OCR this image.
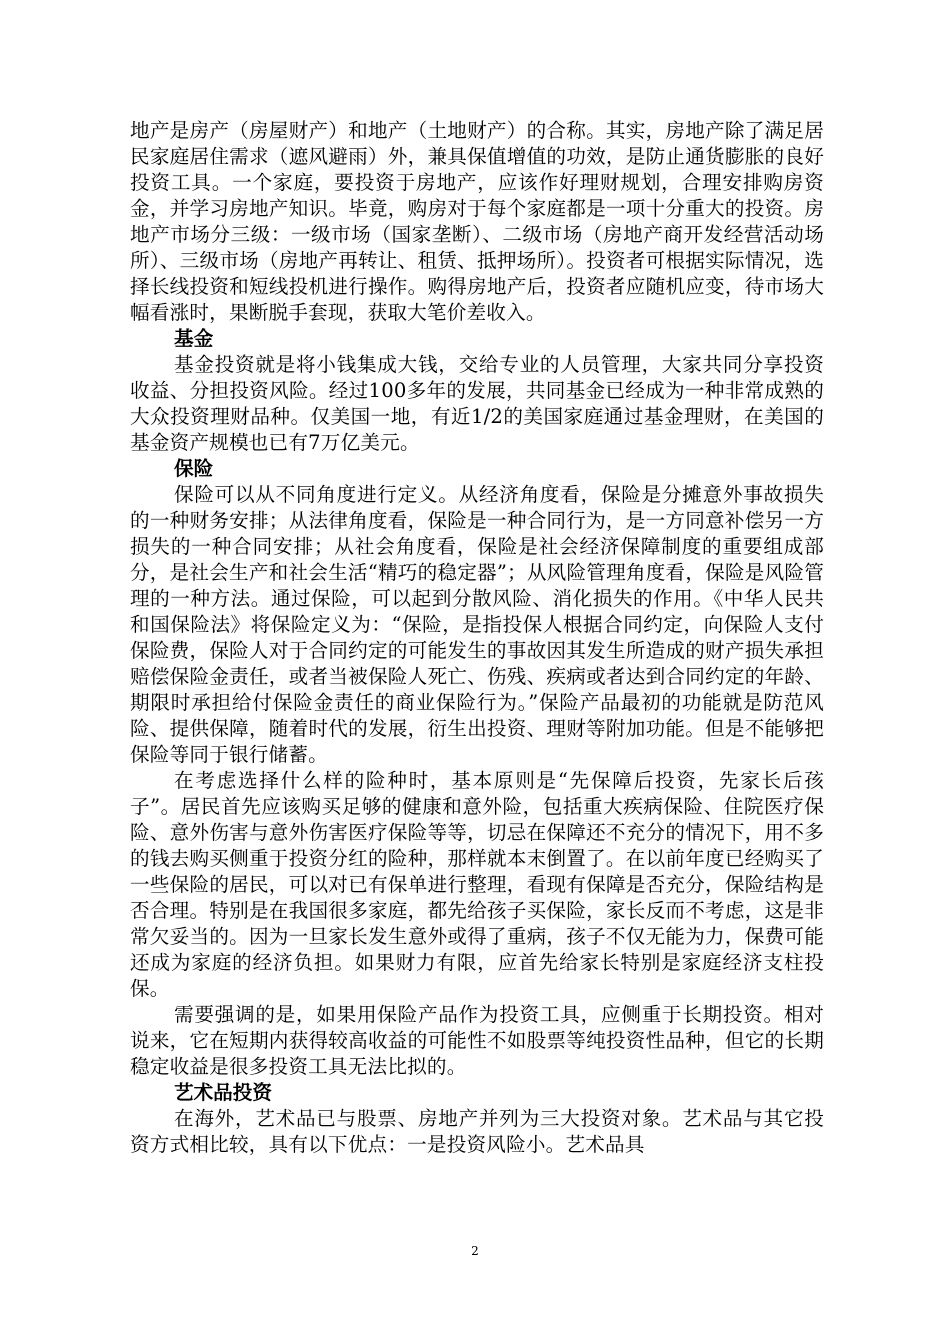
地产是房产（房屋财产）和地产（土地财产）的合称。其实，房地产除了满足居民家庭居住需求（遮风避雨）外，兼具保值增值的功效，是防止通货膨胀的良好投资工具。一个家庭，要投资于房地产，应该作好理财规划，合理安排购房资金，并学习房地产知识。毕竟，购房对于每个家庭都是一项十分重大的投资。房地产市场分三级：一级市场（国家垄断）、二级市场（房地产商开发经营活动场所）、三级市场（房地产再转让、租赁、抵押场所）。投资者可根据实际情况，选择长线投资和短线投机进行操作。购得房地产后，投资者应随机应变，待市场大幅看涨时，果断脱手套现，获取大笔价差收入。

基金

基金投资就是将小钱集成大钱，交给专业的人员管理，大家共同分享投资收益、分担投资风险。经过100多年的发展，共同基金已经成为一种非常成熟的大众投资理财品种。仅美国一地，有近1/2的美国家庭通过基金理财，在美国的基金资产规模也已有7万亿美元。

保险

保险可以从不同角度进行定义。从经济角度看，保险是分摊意外事故损失的一种财务安排；从法律角度看，保险是一种合同行为，是一方同意补偿另一方损失的一种合同安排；从社会角度看，保险是社会经济保障制度的重要组成部分，是社会生产和社会生活“精巧的稳定器”；从风险管理角度看，保险是风险管理的一种方法。通过保险，可以起到分散风险、消化损失的作用。《中华人民共和国保险法》将保险定义为：“保险，是指投保人根据合同约定，向保险人支付保险费，保险人对于合同约定的可能发生的事故因其发生所造成的财产损失承担赔偿保险金责任，或者当被保险人死亡、伤残、疾病或者达到合同约定的年龄、期限时承担给付保险金责任的商业保险行为。”保险产品最初的功能就是防范风险、提供保障，随着时代的发展，衍生出投资、理财等附加功能。但是不能够把保险等同于银行储蓄。

在考虑选择什么样的险种时，基本原则是“先保障后投资，先家长后孩子”。居民首先应该购买足够的健康和意外险，包括重大疾病保险、住院医疗保险、意外伤害与意外伤害医疗保险等等，切忌在保障还不充分的情况下，用不多的钱去购买侧重于投资分红的险种，那样就本末倒置了。在以前年度已经购买了一些保险的居民，可以对已有保单进行整理，看现有保障是否充分，保险结构是否合理。特别是在我国很多家庭，都先给孩子买保险，家长反而不考虑，这是非常欠妥当的。因为一旦家长发生意外或得了重病，孩子不仅无能为力，保费可能还成为家庭的经济负担。如果财力有限，应首先给家长特别是家庭经济支柱投保。

需要强调的是，如果用保险产品作为投资工具，应侧重于长期投资。相对说来，它在短期内获得较高收益的可能性不如股票等纯投资性品种，但它的长期稳定收益是很多投资工具无法比拟的。

艺术品投资

在海外，艺术品已与股票、房地产并列为三大投资对象。艺术品与其它投资方式相比较，具有以下优点：一是投资风险小。艺术品具

2
